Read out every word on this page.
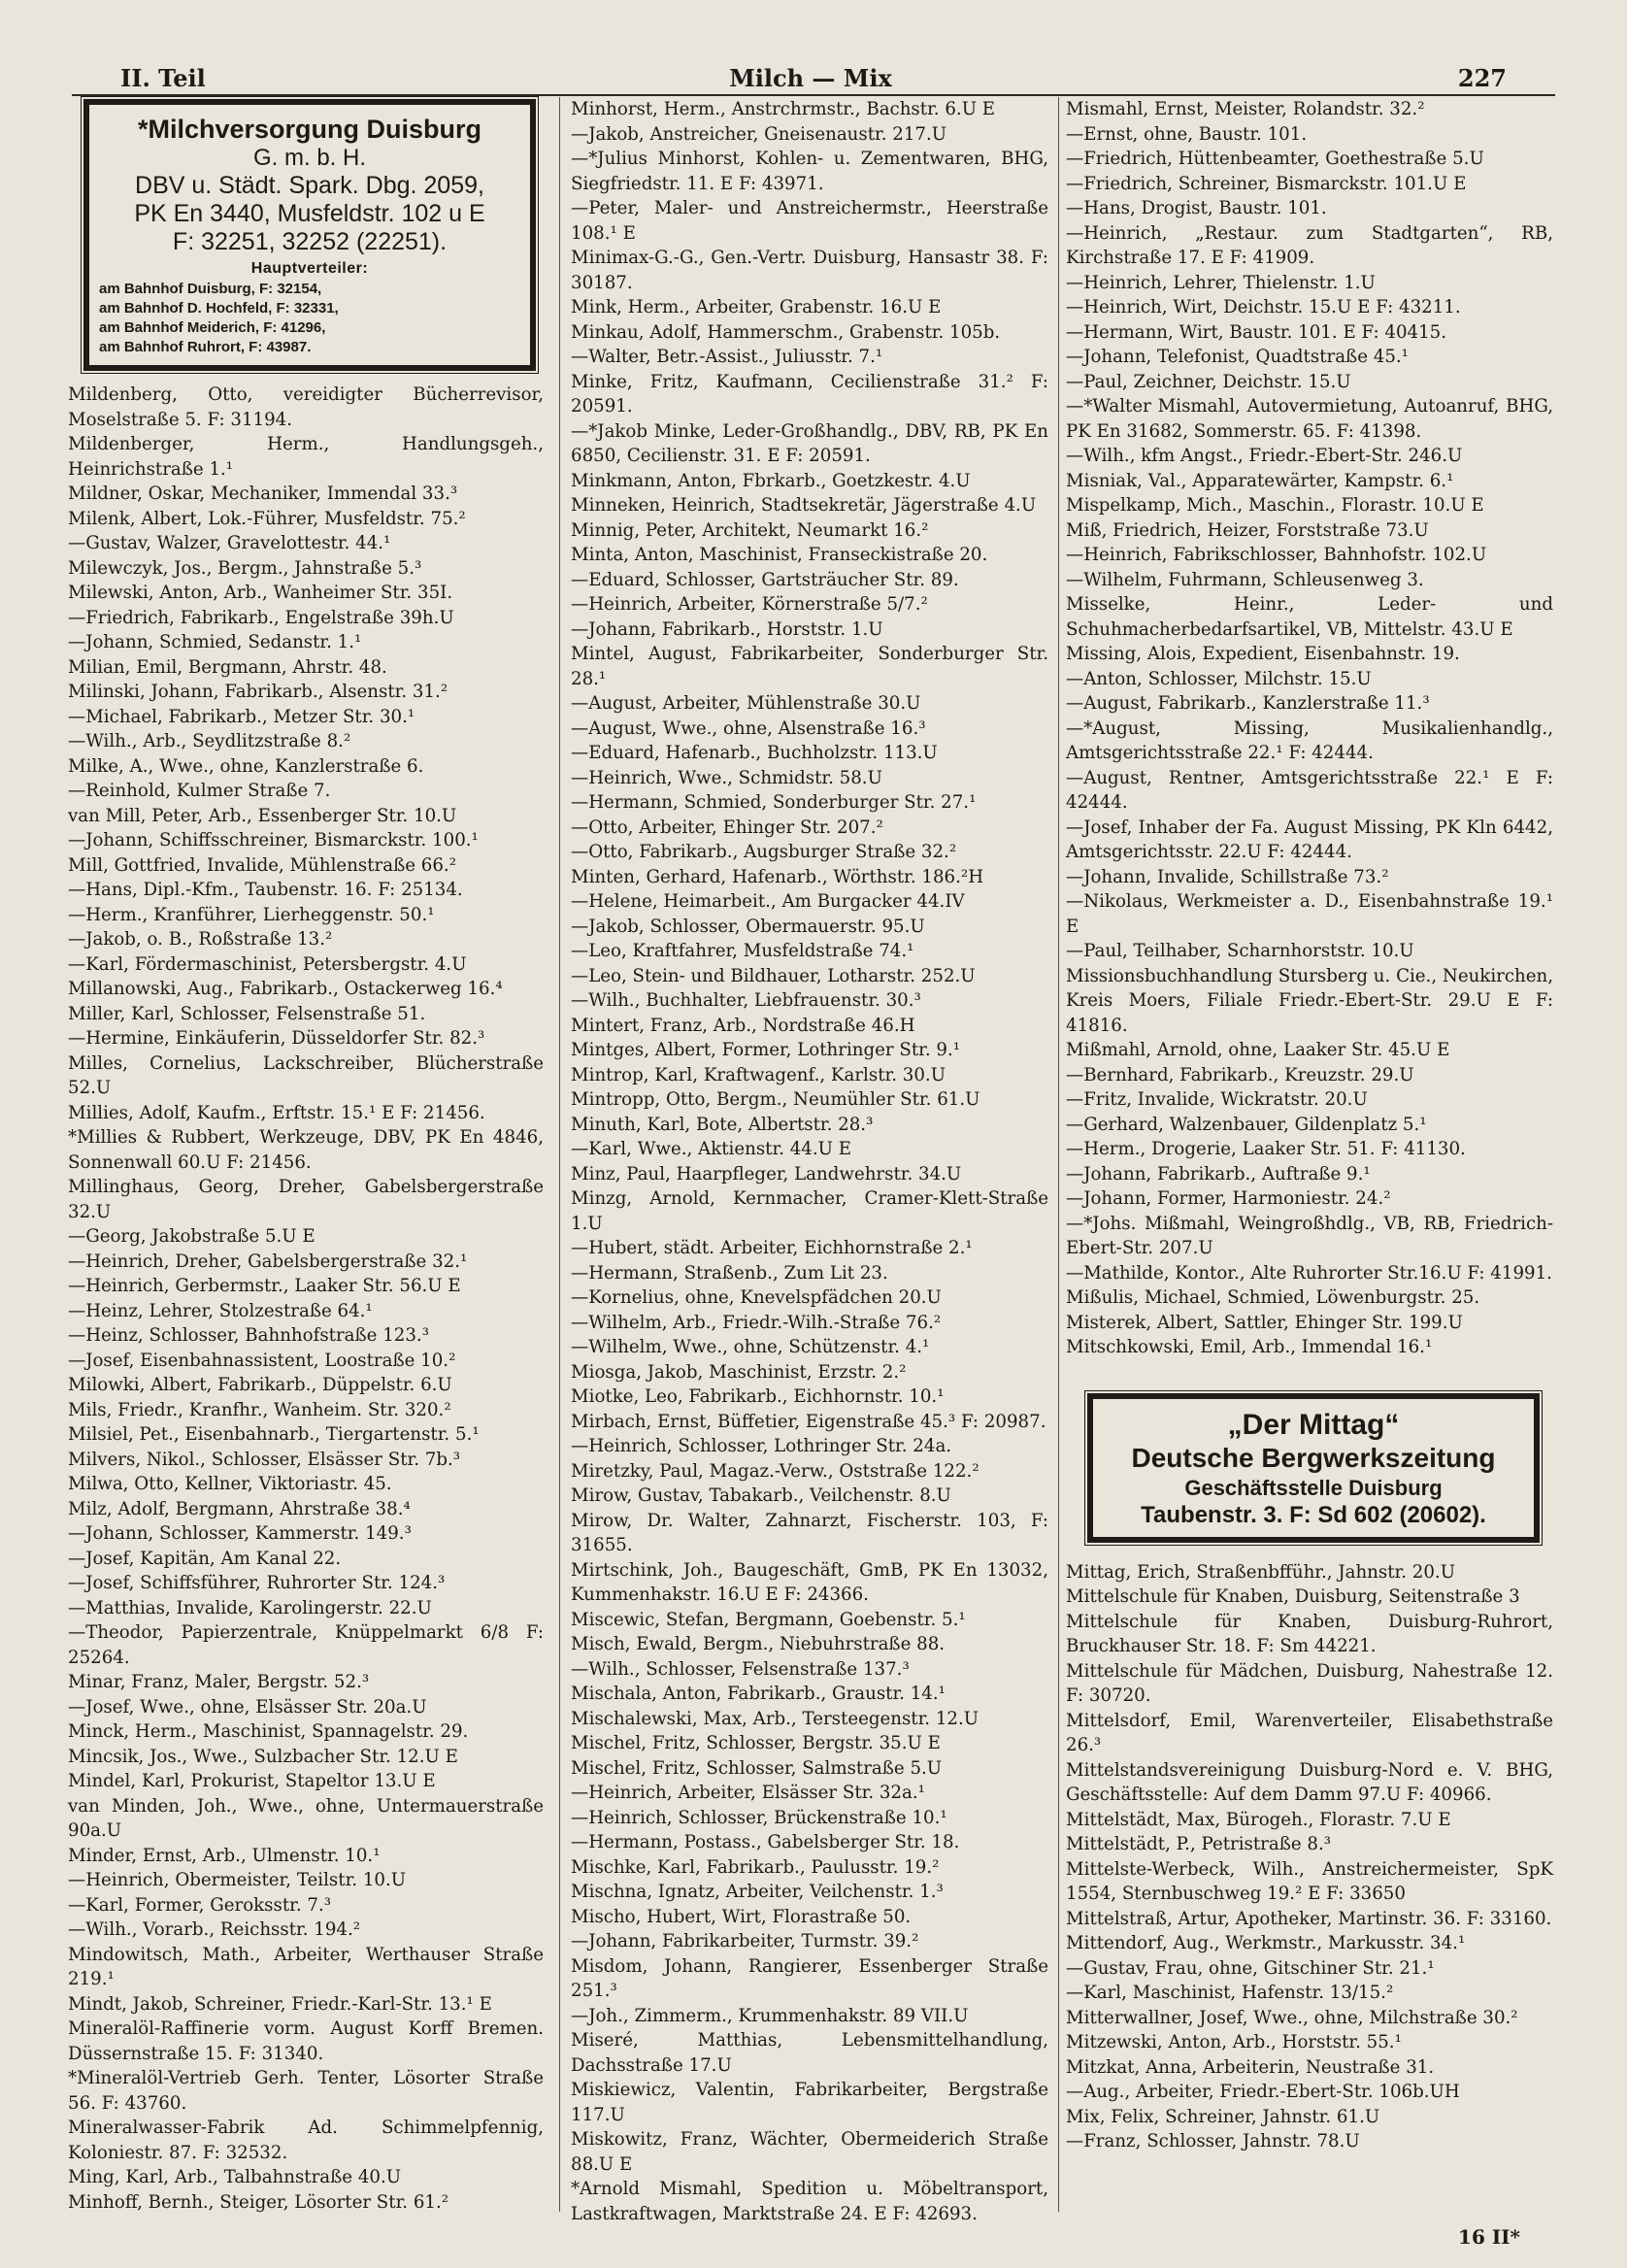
II. Teil	Milch — Mix	227
*Milchversorgung Duisburg
G. m. b. H.
DBV u. Städt. Spark. Dbg. 2059,
PK En 3440, Musfeldstr. 102 u E
F: 32251, 32252 (22251).
Hauptverteiler:
am Bahnhof Duisburg, F: 32154,
am Bahnhof D. Hochfeld, F: 32331,
am Bahnhof Meiderich, F: 41296,
am Bahnhof Ruhrort, F: 43987.

Mildenberg, Otto, vereidigter Bücherrevisor, Moselstraße 5. F: 31194.

Mildenberger, Herm., Handlungsgeh., Heinrichstraße 1.¹

Mildner, Oskar, Mechaniker, Immendal 33.³

Milenk, Albert, Lok.-Führer, Musfeldstr. 75.²

—Gustav, Walzer, Gravelottestr. 44.¹

Milewczyk, Jos., Bergm., Jahnstraße 5.³

Milewski, Anton, Arb., Wanheimer Str. 35I.

—Friedrich, Fabrikarb., Engelstraße 39h.U

—Johann, Schmied, Sedanstr. 1.¹

Milian, Emil, Bergmann, Ahrstr. 48.

Milinski, Johann, Fabrikarb., Alsenstr. 31.²

—Michael, Fabrikarb., Metzer Str. 30.¹

—Wilh., Arb., Seydlitzstraße 8.²

Milke, A., Wwe., ohne, Kanzlerstraße 6.

—Reinhold, Kulmer Straße 7.

van Mill, Peter, Arb., Essenberger Str. 10.U

—Johann, Schiffsschreiner, Bismarckstr. 100.¹

Mill, Gottfried, Invalide, Mühlenstraße 66.²

—Hans, Dipl.-Kfm., Taubenstr. 16. F: 25134.

—Herm., Kranführer, Lierheggenstr. 50.¹

—Jakob, o. B., Roßstraße 13.²

—Karl, Fördermaschinist, Petersbergstr. 4.U

Millanowski, Aug., Fabrikarb., Ostackerweg 16.⁴

Miller, Karl, Schlosser, Felsenstraße 51.

—Hermine, Einkäuferin, Düsseldorfer Str. 82.³

Milles, Cornelius, Lackschreiber, Blücherstraße 52.U

Millies, Adolf, Kaufm., Erftstr. 15.¹ E F: 21456.

*Millies & Rubbert, Werkzeuge, DBV, PK En 4846, Sonnenwall 60.U F: 21456.

Millinghaus, Georg, Dreher, Gabelsbergerstraße 32.U

—Georg, Jakobstraße 5.U E

—Heinrich, Dreher, Gabelsbergerstraße 32.¹

—Heinrich, Gerbermstr., Laaker Str. 56.U E

—Heinz, Lehrer, Stolzestraße 64.¹

—Heinz, Schlosser, Bahnhofstraße 123.³

—Josef, Eisenbahnassistent, Loostraße 10.²

Milowki, Albert, Fabrikarb., Düppelstr. 6.U

Mils, Friedr., Kranfhr., Wanheim. Str. 320.²

Milsiel, Pet., Eisenbahnarb., Tiergartenstr. 5.¹

Milvers, Nikol., Schlosser, Elsässer Str. 7b.³

Milwa, Otto, Kellner, Viktoriastr. 45.

Milz, Adolf, Bergmann, Ahrstraße 38.⁴

—Johann, Schlosser, Kammerstr. 149.³

—Josef, Kapitän, Am Kanal 22.

—Josef, Schiffsführer, Ruhrorter Str. 124.³

—Matthias, Invalide, Karolingerstr. 22.U

—Theodor, Papierzentrale, Knüppelmarkt 6/8 F: 25264.

Minar, Franz, Maler, Bergstr. 52.³

—Josef, Wwe., ohne, Elsässer Str. 20a.U

Minck, Herm., Maschinist, Spannagelstr. 29.

Mincsik, Jos., Wwe., Sulzbacher Str. 12.U E

Mindel, Karl, Prokurist, Stapeltor 13.U E

van Minden, Joh., Wwe., ohne, Untermauerstraße 90a.U

Minder, Ernst, Arb., Ulmenstr. 10.¹

—Heinrich, Obermeister, Teilstr. 10.U

—Karl, Former, Geroksstr. 7.³

—Wilh., Vorarb., Reichsstr. 194.²

Mindowitsch, Math., Arbeiter, Werthauser Straße 219.¹

Mindt, Jakob, Schreiner, Friedr.-Karl-Str. 13.¹ E

Mineralöl-Raffinerie vorm. August Korff Bremen. Düssernstraße 15. F: 31340.

*Mineralöl-Vertrieb Gerh. Tenter, Lösorter Straße 56. F: 43760.

Mineralwasser-Fabrik Ad. Schimmelpfennig, Koloniestr. 87. F: 32532.

Ming, Karl, Arb., Talbahnstraße 40.U

Minhoff, Bernh., Steiger, Lösorter Str. 61.²

Minhorst, Herm., Anstrchrmstr., Bachstr. 6.U E

—Jakob, Anstreicher, Gneisenaustr. 217.U

—*Julius Minhorst, Kohlen- u. Zementwaren, BHG, Siegfriedstr. 11. E F: 43971.

—Peter, Maler- und Anstreichermstr., Heerstraße 108.¹ E

Minimax-G.-G., Gen.-Vertr. Duisburg, Hansastr 38. F: 30187.

Mink, Herm., Arbeiter, Grabenstr. 16.U E

Minkau, Adolf, Hammerschm., Grabenstr. 105b.

—Walter, Betr.-Assist., Juliusstr. 7.¹

Minke, Fritz, Kaufmann, Cecilienstraße 31.² F: 20591.

—*Jakob Minke, Leder-Großhandlg., DBV, RB, PK En 6850, Cecilienstr. 31. E F: 20591.

Minkmann, Anton, Fbrkarb., Goetzkestr. 4.U

Minneken, Heinrich, Stadtsekretär, Jägerstraße 4.U

Minnig, Peter, Architekt, Neumarkt 16.²

Minta, Anton, Maschinist, Franseckistraße 20.

—Eduard, Schlosser, Gartsträucher Str. 89.

—Heinrich, Arbeiter, Körnerstraße 5/7.²

—Johann, Fabrikarb., Horststr. 1.U

Mintel, August, Fabrikarbeiter, Sonderburger Str. 28.¹

—August, Arbeiter, Mühlenstraße 30.U

—August, Wwe., ohne, Alsenstraße 16.³

—Eduard, Hafenarb., Buchholzstr. 113.U

—Heinrich, Wwe., Schmidstr. 58.U

—Hermann, Schmied, Sonderburger Str. 27.¹

—Otto, Arbeiter, Ehinger Str. 207.²

—Otto, Fabrikarb., Augsburger Straße 32.²

Minten, Gerhard, Hafenarb., Wörthstr. 186.²H

—Helene, Heimarbeit., Am Burgacker 44.IV

—Jakob, Schlosser, Obermauerstr. 95.U

—Leo, Kraftfahrer, Musfeldstraße 74.¹

—Leo, Stein- und Bildhauer, Lotharstr. 252.U

—Wilh., Buchhalter, Liebfrauenstr. 30.³

Mintert, Franz, Arb., Nordstraße 46.H

Mintges, Albert, Former, Lothringer Str. 9.¹

Mintrop, Karl, Kraftwagenf., Karlstr. 30.U

Mintropp, Otto, Bergm., Neumühler Str. 61.U

Minuth, Karl, Bote, Albertstr. 28.³

—Karl, Wwe., Aktienstr. 44.U E

Minz, Paul, Haarpfleger, Landwehrstr. 34.U

Minzg, Arnold, Kernmacher, Cramer-Klett-Straße 1.U

—Hubert, städt. Arbeiter, Eichhornstraße 2.¹

—Hermann, Straßenb., Zum Lit 23.

—Kornelius, ohne, Knevelspfädchen 20.U

—Wilhelm, Arb., Friedr.-Wilh.-Straße 76.²

—Wilhelm, Wwe., ohne, Schützenstr. 4.¹

Miosga, Jakob, Maschinist, Erzstr. 2.²

Miotke, Leo, Fabrikarb., Eichhornstr. 10.¹

Mirbach, Ernst, Büffetier, Eigenstraße 45.³ F: 20987.

—Heinrich, Schlosser, Lothringer Str. 24a.

Miretzky, Paul, Magaz.-Verw., Oststraße 122.²

Mirow, Gustav, Tabakarb., Veilchenstr. 8.U

Mirow, Dr. Walter, Zahnarzt, Fischerstr. 103, F: 31655.

Mirtschink, Joh., Baugeschäft, GmB, PK En 13032, Kummenhakstr. 16.U E F: 24366.

Miscewic, Stefan, Bergmann, Goebenstr. 5.¹

Misch, Ewald, Bergm., Niebuhrstraße 88.

—Wilh., Schlosser, Felsenstraße 137.³

Mischala, Anton, Fabrikarb., Graustr. 14.¹

Mischalewski, Max, Arb., Tersteegenstr. 12.U

Mischel, Fritz, Schlosser, Bergstr. 35.U E

Mischel, Fritz, Schlosser, Salmstraße 5.U

—Heinrich, Arbeiter, Elsässer Str. 32a.¹

—Heinrich, Schlosser, Brückenstraße 10.¹

—Hermann, Postass., Gabelsberger Str. 18.

Mischke, Karl, Fabrikarb., Paulusstr. 19.²

Mischna, Ignatz, Arbeiter, Veilchenstr. 1.³

Mischo, Hubert, Wirt, Florastraße 50.

—Johann, Fabrikarbeiter, Turmstr. 39.²

Misdom, Johann, Rangierer, Essenberger Straße 251.³

—Joh., Zimmerm., Krummenhakstr. 89 VII.U

Miseré, Matthias, Lebensmittelhandlung, Dachsstraße 17.U

Miskiewicz, Valentin, Fabrikarbeiter, Bergstraße 117.U

Miskowitz, Franz, Wächter, Obermeiderich Straße 88.U E

*Arnold Mismahl, Spedition u. Möbeltransport, Lastkraftwagen, Marktstraße 24. E F: 42693.

Mismahl, Ernst, Meister, Rolandstr. 32.²

—Ernst, ohne, Baustr. 101.

—Friedrich, Hüttenbeamter, Goethestraße 5.U

—Friedrich, Schreiner, Bismarckstr. 101.U E

—Hans, Drogist, Baustr. 101.

—Heinrich, „Restaur. zum Stadtgarten“, RB, Kirchstraße 17. E F: 41909.

—Heinrich, Lehrer, Thielenstr. 1.U

—Heinrich, Wirt, Deichstr. 15.U E F: 43211.

—Hermann, Wirt, Baustr. 101. E F: 40415.

—Johann, Telefonist, Quadtstraße 45.¹

—Paul, Zeichner, Deichstr. 15.U

—*Walter Mismahl, Autovermietung, Autoanruf, BHG, PK En 31682, Sommerstr. 65. F: 41398.

—Wilh., kfm Angst., Friedr.-Ebert-Str. 246.U

Misniak, Val., Apparatewärter, Kampstr. 6.¹

Mispelkamp, Mich., Maschin., Florastr. 10.U E

Miß, Friedrich, Heizer, Forststraße 73.U

—Heinrich, Fabrikschlosser, Bahnhofstr. 102.U

—Wilhelm, Fuhrmann, Schleusenweg 3.

Misselke, Heinr., Leder- und Schuhmacherbedarfsartikel, VB, Mittelstr. 43.U E

Missing, Alois, Expedient, Eisenbahnstr. 19.

—Anton, Schlosser, Milchstr. 15.U

—August, Fabrikarb., Kanzlerstraße 11.³

—*August, Missing, Musikalienhandlg., Amtsgerichtsstraße 22.¹ F: 42444.

—August, Rentner, Amtsgerichtsstraße 22.¹ E F: 42444.

—Josef, Inhaber der Fa. August Missing, PK Kln 6442, Amtsgerichtsstr. 22.U F: 42444.

—Johann, Invalide, Schillstraße 73.²

—Nikolaus, Werkmeister a. D., Eisenbahnstraße 19.¹ E

—Paul, Teilhaber, Scharnhorststr. 10.U

Missionsbuchhandlung Stursberg u. Cie., Neukirchen, Kreis Moers, Filiale Friedr.-Ebert-Str. 29.U E F: 41816.

Mißmahl, Arnold, ohne, Laaker Str. 45.U E

—Bernhard, Fabrikarb., Kreuzstr. 29.U

—Fritz, Invalide, Wickratstr. 20.U

—Gerhard, Walzenbauer, Gildenplatz 5.¹

—Herm., Drogerie, Laaker Str. 51. F: 41130.

—Johann, Fabrikarb., Auftraße 9.¹

—Johann, Former, Harmoniestr. 24.²

—*Johs. Mißmahl, Weingroßhdlg., VB, RB, Friedrich-Ebert-Str. 207.U

—Mathilde, Kontor., Alte Ruhrorter Str.16.U F: 41991.

Mißulis, Michael, Schmied, Löwenburgstr. 25.

Misterek, Albert, Sattler, Ehinger Str. 199.U

Mitschkowski, Emil, Arb., Immendal 16.¹

„Der Mittag“
Deutsche Bergwerkszeitung
Geschäftsstelle Duisburg
Taubenstr. 3. F: Sd 602 (20602).

Mittag, Erich, Straßenbfführ., Jahnstr. 20.U

Mittelschule für Knaben, Duisburg, Seitenstraße 3

Mittelschule für Knaben, Duisburg-Ruhrort, Bruckhauser Str. 18. F: Sm 44221.

Mittelschule für Mädchen, Duisburg, Nahestraße 12. F: 30720.

Mittelsdorf, Emil, Warenverteiler, Elisabethstraße 26.³

Mittelstandsvereinigung Duisburg-Nord e. V. BHG, Geschäftsstelle: Auf dem Damm 97.U F: 40966.

Mittelstädt, Max, Bürogeh., Florastr. 7.U E

Mittelstädt, P., Petristraße 8.³

Mittelste-Werbeck, Wilh., Anstreichermeister, SpK 1554, Sternbuschweg 19.² E F: 33650

Mittelstraß, Artur, Apotheker, Martinstr. 36. F: 33160.

Mittendorf, Aug., Werkmstr., Markusstr. 34.¹

—Gustav, Frau, ohne, Gitschiner Str. 21.¹

—Karl, Maschinist, Hafenstr. 13/15.²

Mitterwallner, Josef, Wwe., ohne, Milchstraße 30.²

Mitzewski, Anton, Arb., Horststr. 55.¹

Mitzkat, Anna, Arbeiterin, Neustraße 31.

—Aug., Arbeiter, Friedr.-Ebert-Str. 106b.UH

Mix, Felix, Schreiner, Jahnstr. 61.U

—Franz, Schlosser, Jahnstr. 78.U

16 II*
